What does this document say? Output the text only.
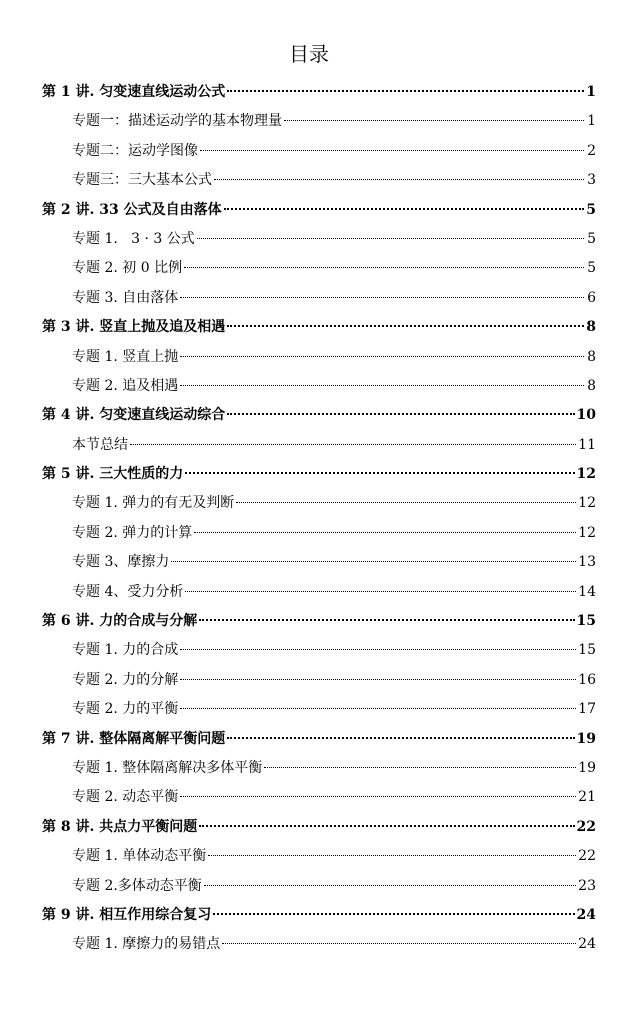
目录
第 1 讲. 匀变速直线运动公式	1
专题一：描述运动学的基本物理量	1
专题二：运动学图像	2
专题三：三大基本公式	3
第 2 讲. 33 公式及自由落体	5
专题 1.   3 · 3 公式	5
专题 2. 初 0 比例	5
专题 3. 自由落体	6
第 3 讲. 竖直上抛及追及相遇	8
专题 1. 竖直上抛	8
专题 2. 追及相遇	8
第 4 讲. 匀变速直线运动综合	10
本节总结	11
第 5 讲. 三大性质的力	12
专题 1. 弹力的有无及判断	12
专题 2. 弹力的计算	12
专题 3、摩擦力	13
专题 4、受力分析	14
第 6 讲. 力的合成与分解	15
专题 1. 力的合成	15
专题 2. 力的分解	16
专题 2. 力的平衡	17
第 7 讲. 整体隔离解平衡问题	19
专题 1. 整体隔离解决多体平衡	19
专题 2. 动态平衡	21
第 8 讲. 共点力平衡问题	22
专题 1. 单体动态平衡	22
专题 2.多体动态平衡	23
第 9 讲. 相互作用综合复习	24
专题 1. 摩擦力的易错点	24
